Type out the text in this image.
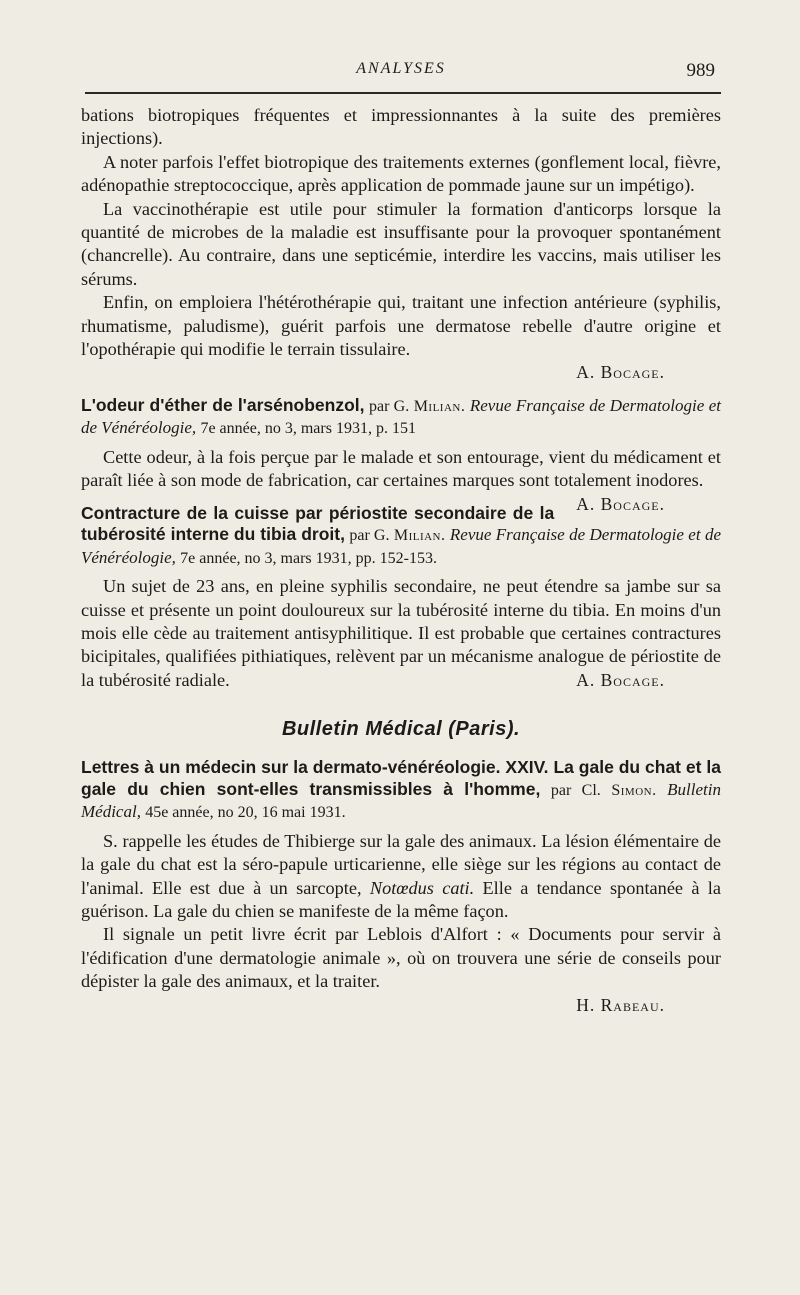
ANALYSES	989

bations biotropiques fréquentes et impressionnantes à la suite des premières injections).

A noter parfois l'effet biotropique des traitements externes (gonflement local, fièvre, adénopathie streptococcique, après application de pommade jaune sur un impétigo).

La vaccinothérapie est utile pour stimuler la formation d'anticorps lorsque la quantité de microbes de la maladie est insuffisante pour la provoquer spontanément (chancrelle). Au contraire, dans une septicémie, interdire les vaccins, mais utiliser les sérums.

Enfin, on emploiera l'hétérothérapie qui, traitant une infection antérieure (syphilis, rhumatisme, paludisme), guérit parfois une dermatose rebelle d'autre origine et l'opothérapie qui modifie le terrain tissulaire.

A. Bocage.
L'odeur d'éther de l'arsénobenzol, par G. Milian. Revue Française de Dermatologie et de Vénéréologie, 7e année, no 3, mars 1931, p. 151

Cette odeur, à la fois perçue par le malade et son entourage, vient du médicament et paraît liée à son mode de fabrication, car certaines marques sont totalement inodores.
A. Bocage.

Contracture de la cuisse par périostite secondaire de la tubérosité interne du tibia droit, par G. Milian. Revue Française de Dermatologie et de Vénéréologie, 7e année, no 3, mars 1931, pp. 152-153.

Un sujet de 23 ans, en pleine syphilis secondaire, ne peut étendre sa jambe sur sa cuisse et présente un point douloureux sur la tubérosité interne du tibia. En moins d'un mois elle cède au traitement antisyphilitique. Il est probable que certaines contractures bicipitales, qualifiées pithiatiques, relèvent par un mécanisme analogue de périostite de la tubérosité radiale.	A. Bocage.

Bulletin Médical (Paris).
Lettres à un médecin sur la dermato-vénéréologie. XXIV. La gale du chat et la gale du chien sont-elles transmissibles à l'homme, par Cl. Simon. Bulletin Médical, 45e année, no 20, 16 mai 1931.

S. rappelle les études de Thibierge sur la gale des animaux. La lésion élémentaire de la gale du chat est la séro-papule urticarienne, elle siège sur les régions au contact de l'animal. Elle est due à un sarcopte, Notœdus cati. Elle a tendance spontanée à la guérison. La gale du chien se manifeste de la même façon.

Il signale un petit livre écrit par Leblois d'Alfort : « Documents pour servir à l'édification d'une dermatologie animale », où on trouvera une série de conseils pour dépister la gale des animaux, et la traiter.

H. Rabeau.
